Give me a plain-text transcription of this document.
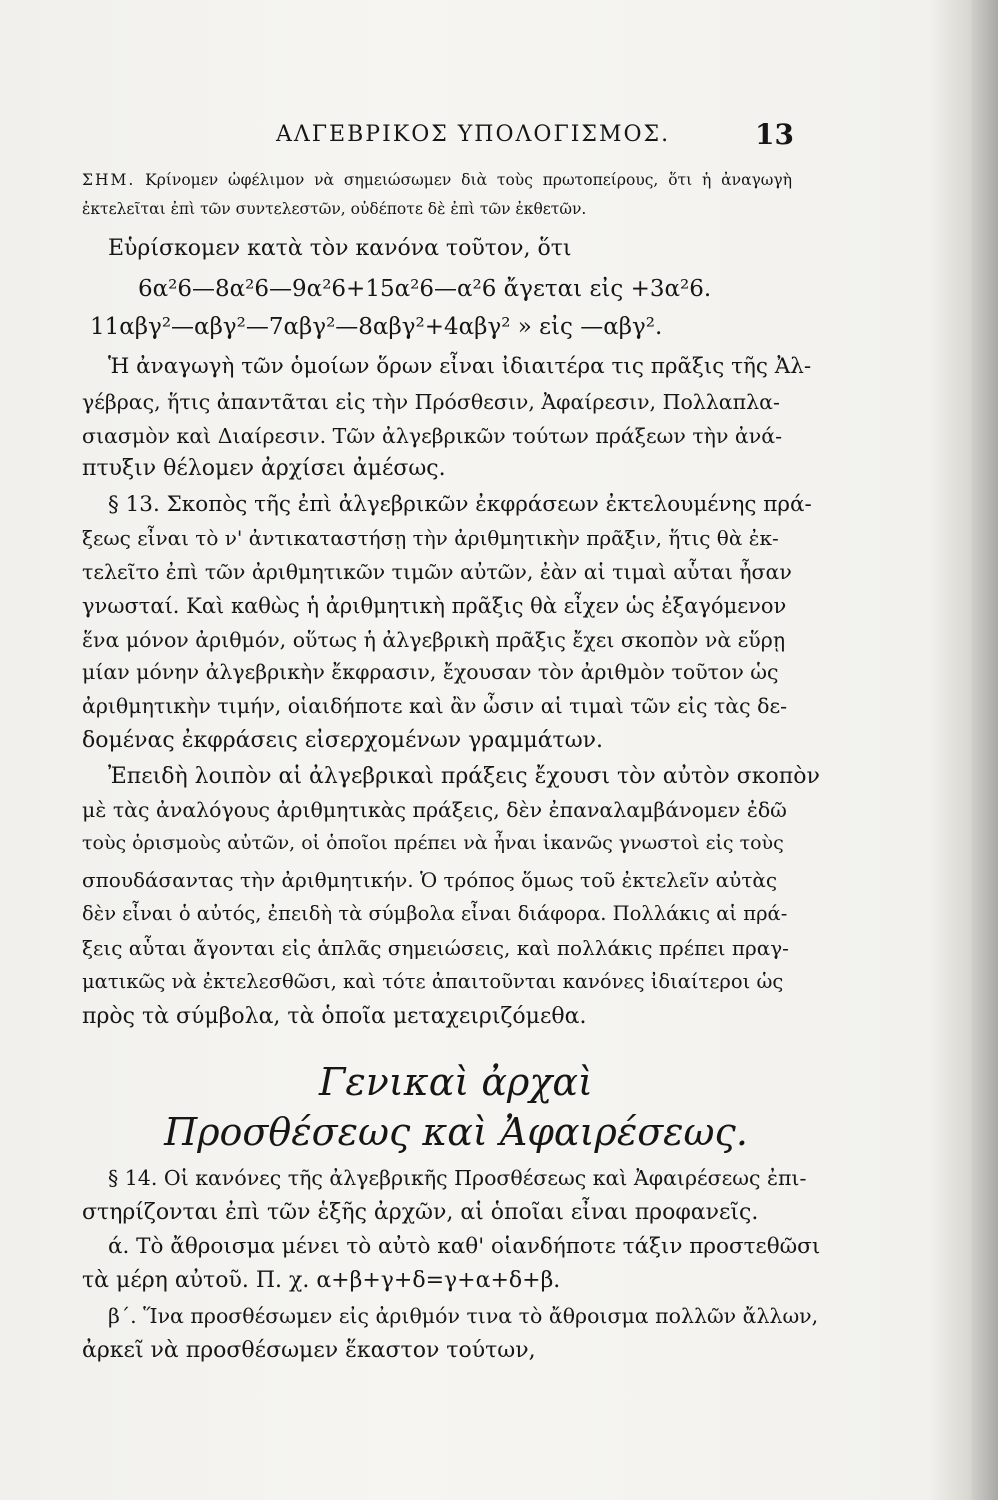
ΑΛΓΕΒΡΙΚΟΣ ΥΠΟΛΟΓΙΣΜΟΣ.	13
ΣΗΜ. Κρίνομεν ὠφέλιμον νὰ σημειώσωμεν διὰ τοὺς πρωτοπείρους, ὅτι ἡ ἀναγωγὴ ἐκτελεῖται ἐπὶ τῶν συντελεστῶν, οὐδέποτε δὲ ἐπὶ τῶν ἐκθετῶν.
Εὑρίσκομεν κατὰ τὸν κανόνα τοῦτον, ὅτι
6α²6—8α²6—9α²6+15α²6—α²6 ἄγεται εἰς +3α²6.
11αβγ²—αβγ²—7αβγ²—8αβγ²+4αβγ² » εἰς —αβγ².
Ἡ ἀναγωγὴ τῶν ὁμοίων ὅρων εἶναι ἰδιαιτέρα τις πρᾶξις τῆς Ἀλ-
γέβρας, ἥτις ἀπαντᾶται εἰς τὴν Πρόσθεσιν, Ἀφαίρεσιν, Πολλαπλα-
σιασμὸν καὶ Διαίρεσιν. Τῶν ἀλγεβρικῶν τούτων πράξεων τὴν ἀνά-
πτυξιν θέλομεν ἀρχίσει ἀμέσως.
§ 13. Σκοπὸς τῆς ἐπὶ ἀλγεβρικῶν ἐκφράσεων ἐκτελουμένης πρά-
ξεως εἶναι τὸ ν' ἀντικαταστήσῃ τὴν ἀριθμητικὴν πρᾶξιν, ἥτις θὰ ἐκ-
τελεῖτο ἐπὶ τῶν ἀριθμητικῶν τιμῶν αὐτῶν, ἐὰν αἱ τιμαὶ αὗται ἦσαν
γνωσταί. Καὶ καθὼς ἡ ἀριθμητικὴ πρᾶξις θὰ εἶχεν ὡς ἐξαγόμενον
ἕνα μόνον ἀριθμόν, οὕτως ἡ ἀλγεβρικὴ πρᾶξις ἔχει σκοπὸν νὰ εὕρῃ
μίαν μόνην ἀλγεβρικὴν ἔκφρασιν, ἔχουσαν τὸν ἀριθμὸν τοῦτον ὡς
ἀριθμητικὴν τιμήν, οἱαιδήποτε καὶ ἂν ὦσιν αἱ τιμαὶ τῶν εἰς τὰς δε-
δομένας ἐκφράσεις εἰσερχομένων γραμμάτων.
Ἐπειδὴ λοιπὸν αἱ ἀλγεβρικαὶ πράξεις ἔχουσι τὸν αὐτὸν σκοπὸν
μὲ τὰς ἀναλόγους ἀριθμητικὰς πράξεις, δὲν ἐπαναλαμβάνομεν ἐδῶ
τοὺς ὁρισμοὺς αὐτῶν, οἱ ὁποῖοι πρέπει νὰ ἦναι ἱκανῶς γνωστοὶ εἰς τοὺς
σπουδάσαντας τὴν ἀριθμητικήν. Ὁ τρόπος ὅμως τοῦ ἐκτελεῖν αὐτὰς
δὲν εἶναι ὁ αὐτός, ἐπειδὴ τὰ σύμβολα εἶναι διάφορα. Πολλάκις αἱ πρά-
ξεις αὗται ἄγονται εἰς ἁπλᾶς σημειώσεις, καὶ πολλάκις πρέπει πραγ-
ματικῶς νὰ ἐκτελεσθῶσι, καὶ τότε ἀπαιτοῦνται κανόνες ἰδιαίτεροι ὡς
πρὸς τὰ σύμβολα, τὰ ὁποῖα μεταχειριζόμεθα.
Γενικαὶ ἀρχαὶ
Προσθέσεως καὶ Ἀφαιρέσεως.
§ 14. Οἱ κανόνες τῆς ἀλγεβρικῆς Προσθέσεως καὶ Ἀφαιρέσεως ἐπι-
στηρίζονται ἐπὶ τῶν ἑξῆς ἀρχῶν, αἱ ὁποῖαι εἶναι προφανεῖς.
ά. Τὸ ἄθροισμα μένει τὸ αὐτὸ καθ' οἱανδήποτε τάξιν προστεθῶσι
τὰ μέρη αὐτοῦ. Π. χ. α+β+γ+δ=γ+α+δ+β.
β΄. Ἵνα προσθέσωμεν εἰς ἀριθμόν τινα τὸ ἄθροισμα πολλῶν ἄλλων,
ἀρκεῖ νὰ προσθέσωμεν ἕκαστον τούτων,
